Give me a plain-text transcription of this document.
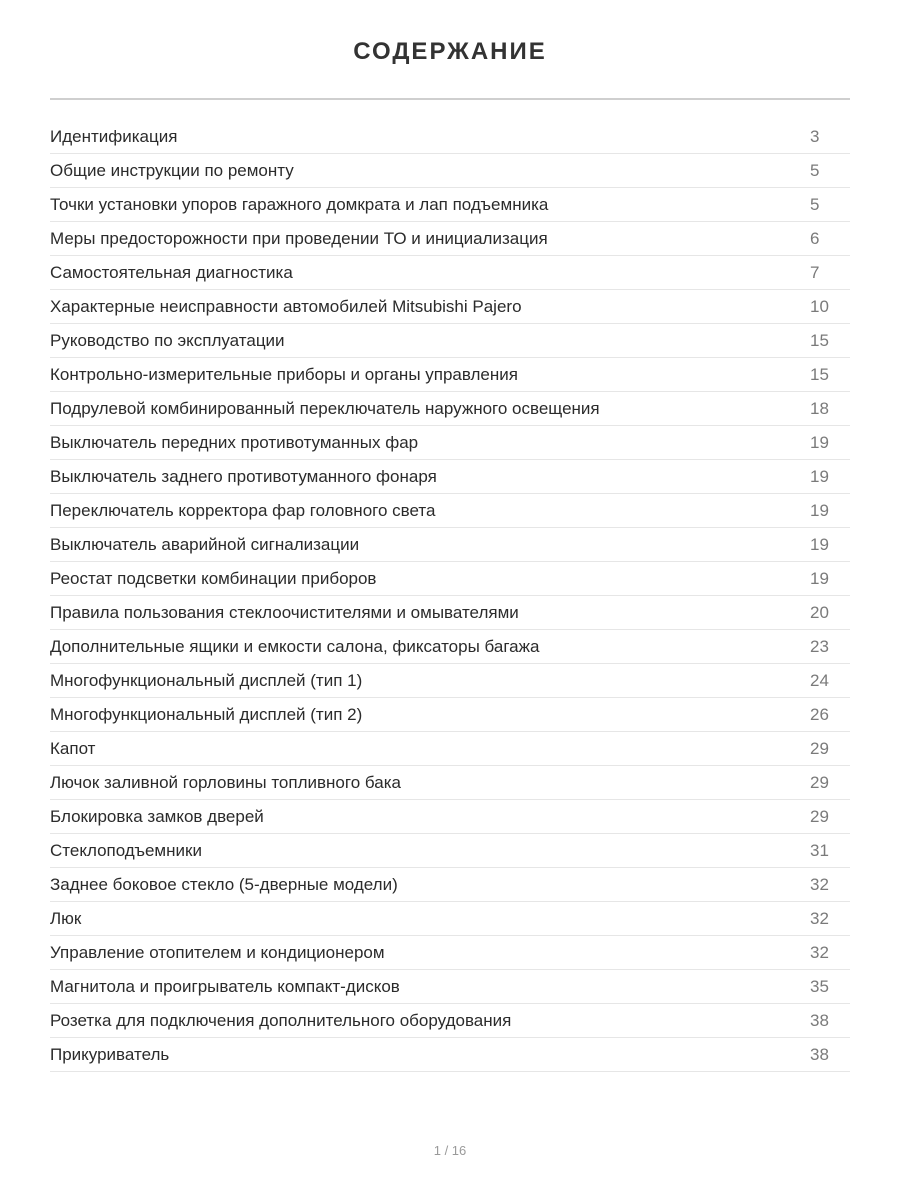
СОДЕРЖАНИЕ
Идентификация	3
Общие инструкции по ремонту	5
Точки установки упоров гаражного домкрата и лап подъемника	5
Меры предосторожности при проведении ТО и инициализация	6
Самостоятельная диагностика	7
Характерные неисправности автомобилей Mitsubishi Pajero	10
Руководство по эксплуатации	15
Контрольно-измерительные приборы и органы управления	15
Подрулевой комбинированный переключатель наружного освещения	18
Выключатель передних противотуманных фар	19
Выключатель заднего противотуманного фонаря	19
Переключатель корректора фар головного света	19
Выключатель аварийной сигнализации	19
Реостат подсветки комбинации приборов	19
Правила пользования стеклоочистителями и омывателями	20
Дополнительные ящики и емкости салона, фиксаторы багажа	23
Многофункциональный дисплей (тип 1)	24
Многофункциональный дисплей (тип 2)	26
Капот	29
Лючок заливной горловины топливного бака	29
Блокировка замков дверей	29
Стеклоподъемники	31
Заднее боковое стекло (5-дверные модели)	32
Люк	32
Управление отопителем и кондиционером	32
Магнитола и проигрыватель компакт-дисков	35
Розетка для подключения дополнительного оборудования	38
Прикуриватель	38
1 / 16
